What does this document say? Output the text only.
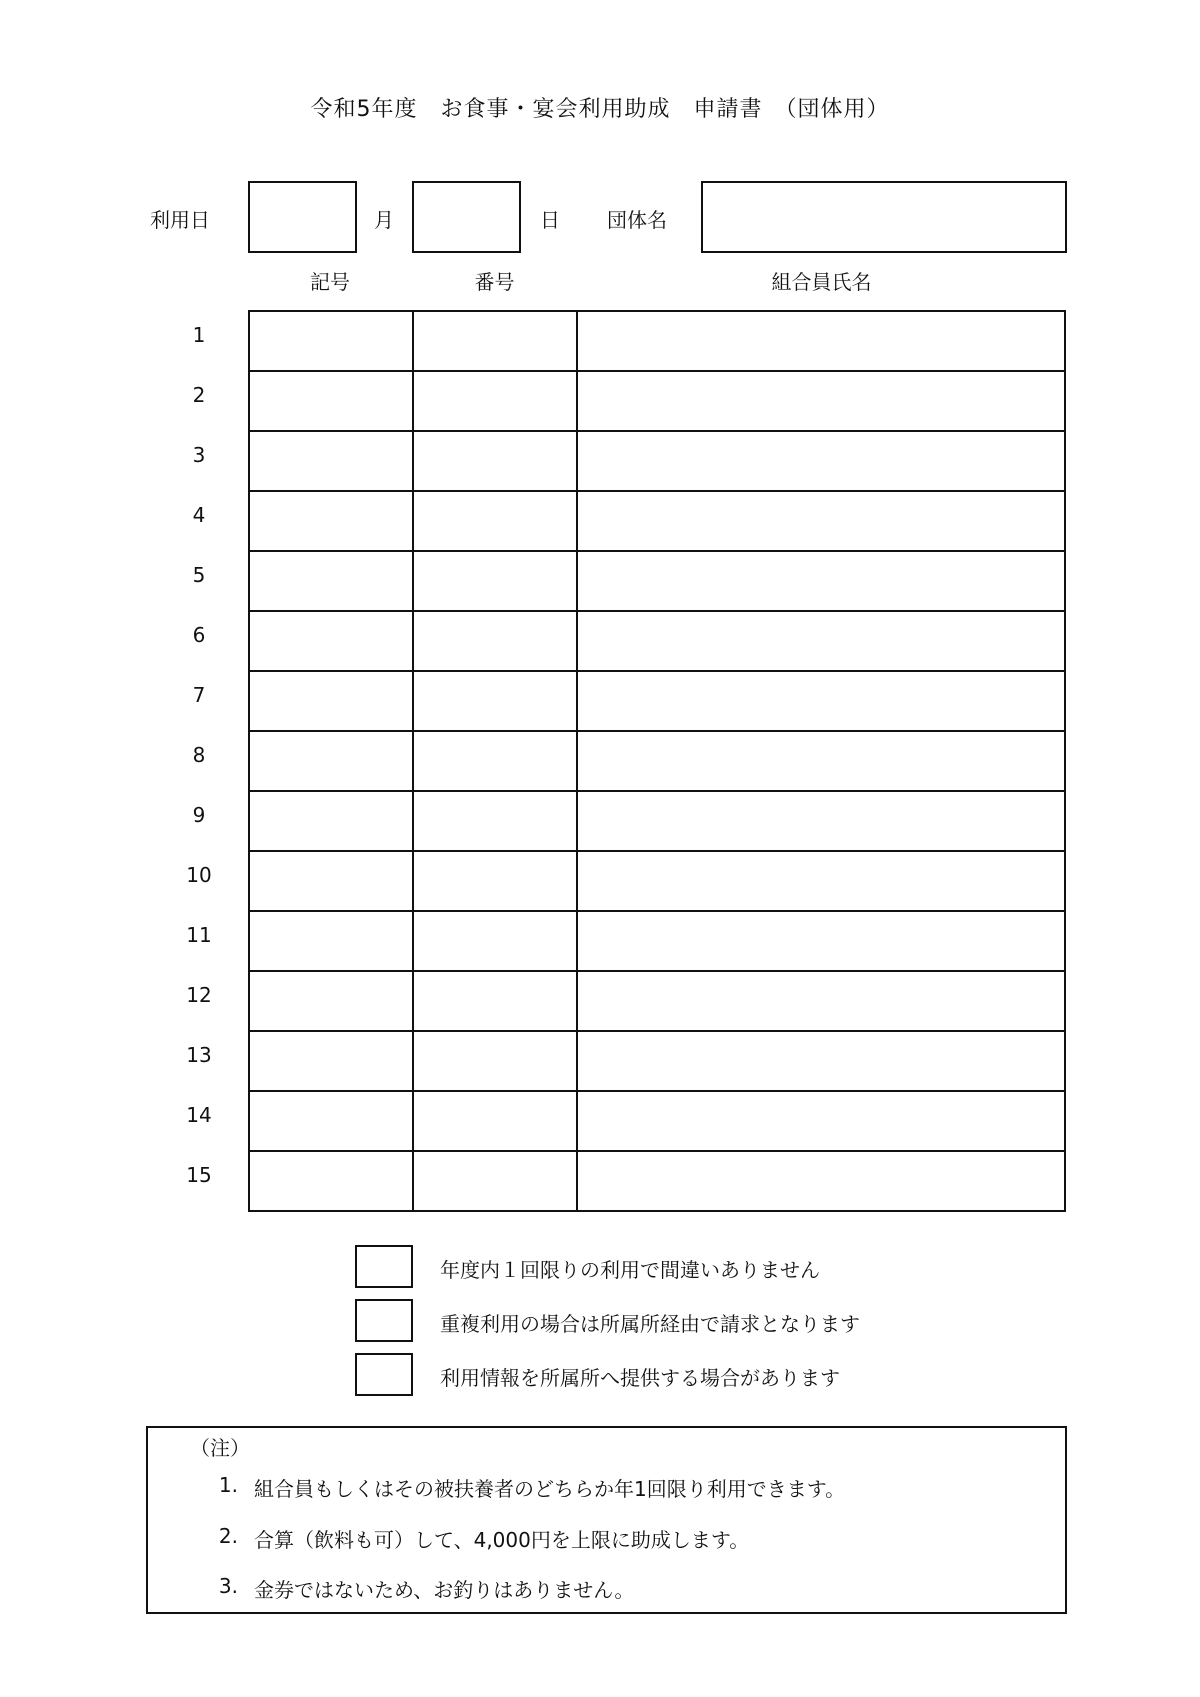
令和5年度　お食事・宴会利用助成　申請書　（団体用）
利用日	月	日 団体名
記号	番号	組合員氏名

1
2
3
4
5
6
7
8
9
10
11
12
13
14
15
年度内１回限りの利用で間違いありません
重複利用の場合は所属所経由で請求となります
利用情報を所属所へ提供する場合があります
（注）
1. 組合員もしくはその被扶養者のどちらか年1回限り利用できます。
2. 合算（飲料も可）して、4,000円を上限に助成します。
3. 金券ではないため、お釣りはありません。
